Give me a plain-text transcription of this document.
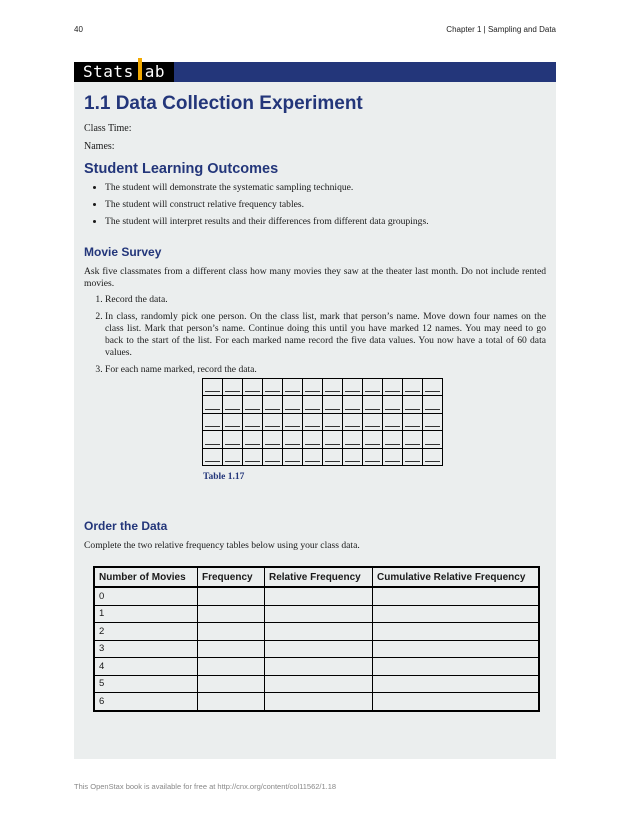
40	Chapter 1 | Sampling and Data
Stats ab
1.1 Data Collection Experiment
Class Time:
Names:
Student Learning Outcomes
• The student will demonstrate the systematic sampling technique.
• The student will construct relative frequency tables.
• The student will interpret results and their differences from different data groupings.
Movie Survey

Ask five classmates from a different class how many movies they saw at the theater last month. Do not include rented movies.

1. Record the data.
2. In class, randomly pick one person. On the class list, mark that person’s name. Move down four names on the class list. Mark that person’s name. Continue doing this until you have marked 12 names. You may need to go back to the start of the list. For each marked name record the five data values. You now have a total of 60 data values.
3. For each name marked, record the data.

Table 1.17
Order the Data

Complete the two relative frequency tables below using your class data.

Number of Movies	Frequency	Relative Frequency	Cumulative Relative Frequency
0			
1			
2			
3			
4			
5			
6			
This OpenStax book is available for free at http://cnx.org/content/col11562/1.18
